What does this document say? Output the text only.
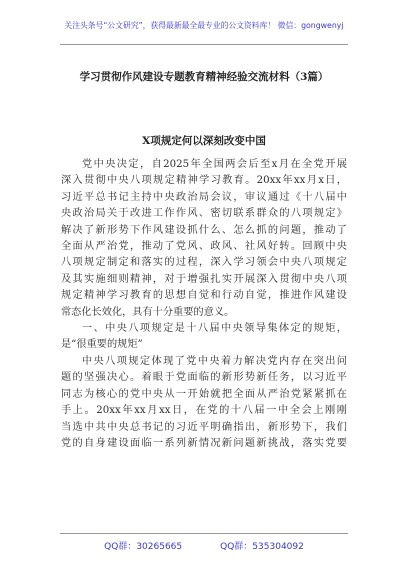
关注头条号“公文研究”，获得最新最全最专业的公文资料库！ 微信：gongwenyj
学习贯彻作风建设专题教育精神经验交流材料（3篇）
X项规定何以深刻改变中国
党中央决定，自2025年全国两会后至x月在全党开展
深入贯彻中央八项规定精神学习教育。20xx年xx月x日，
习近平总书记主持中央政治局会议，审议通过《十八届中
央政治局关于改进工作作风、密切联系群众的八项规定》
解决了新形势下作风建设抓什么、怎么抓的问题，推动了
全面从严治党，推动了党风、政风、社风好转。回顾中央
八项规定制定和落实的过程，深入学习领会中央八项规定
及其实施细则精神，对于增强扎实开展深入贯彻中央八项
规定精神学习教育的思想自觉和行动自觉，推进作风建设
常态化长效化，具有十分重要的意义。
一、中央八项规定是十八届中央领导集体定的规矩，
是“很重要的规矩”
中央八项规定体现了党中央着力解决党内存在突出问
题的坚强决心。着眼于党面临的新形势新任务，以习近平
同志为核心的党中央从一开始就把全面从严治党紧紧抓在
手上。20xx年xx月xx日，在党的十八届一中全会上刚刚
当选中共中央总书记的习近平明确指出，新形势下，我们
党的自身建设面临一系列新情况新问题新挑战，落实党要
QQ群：30265665	QQ群：535304092
